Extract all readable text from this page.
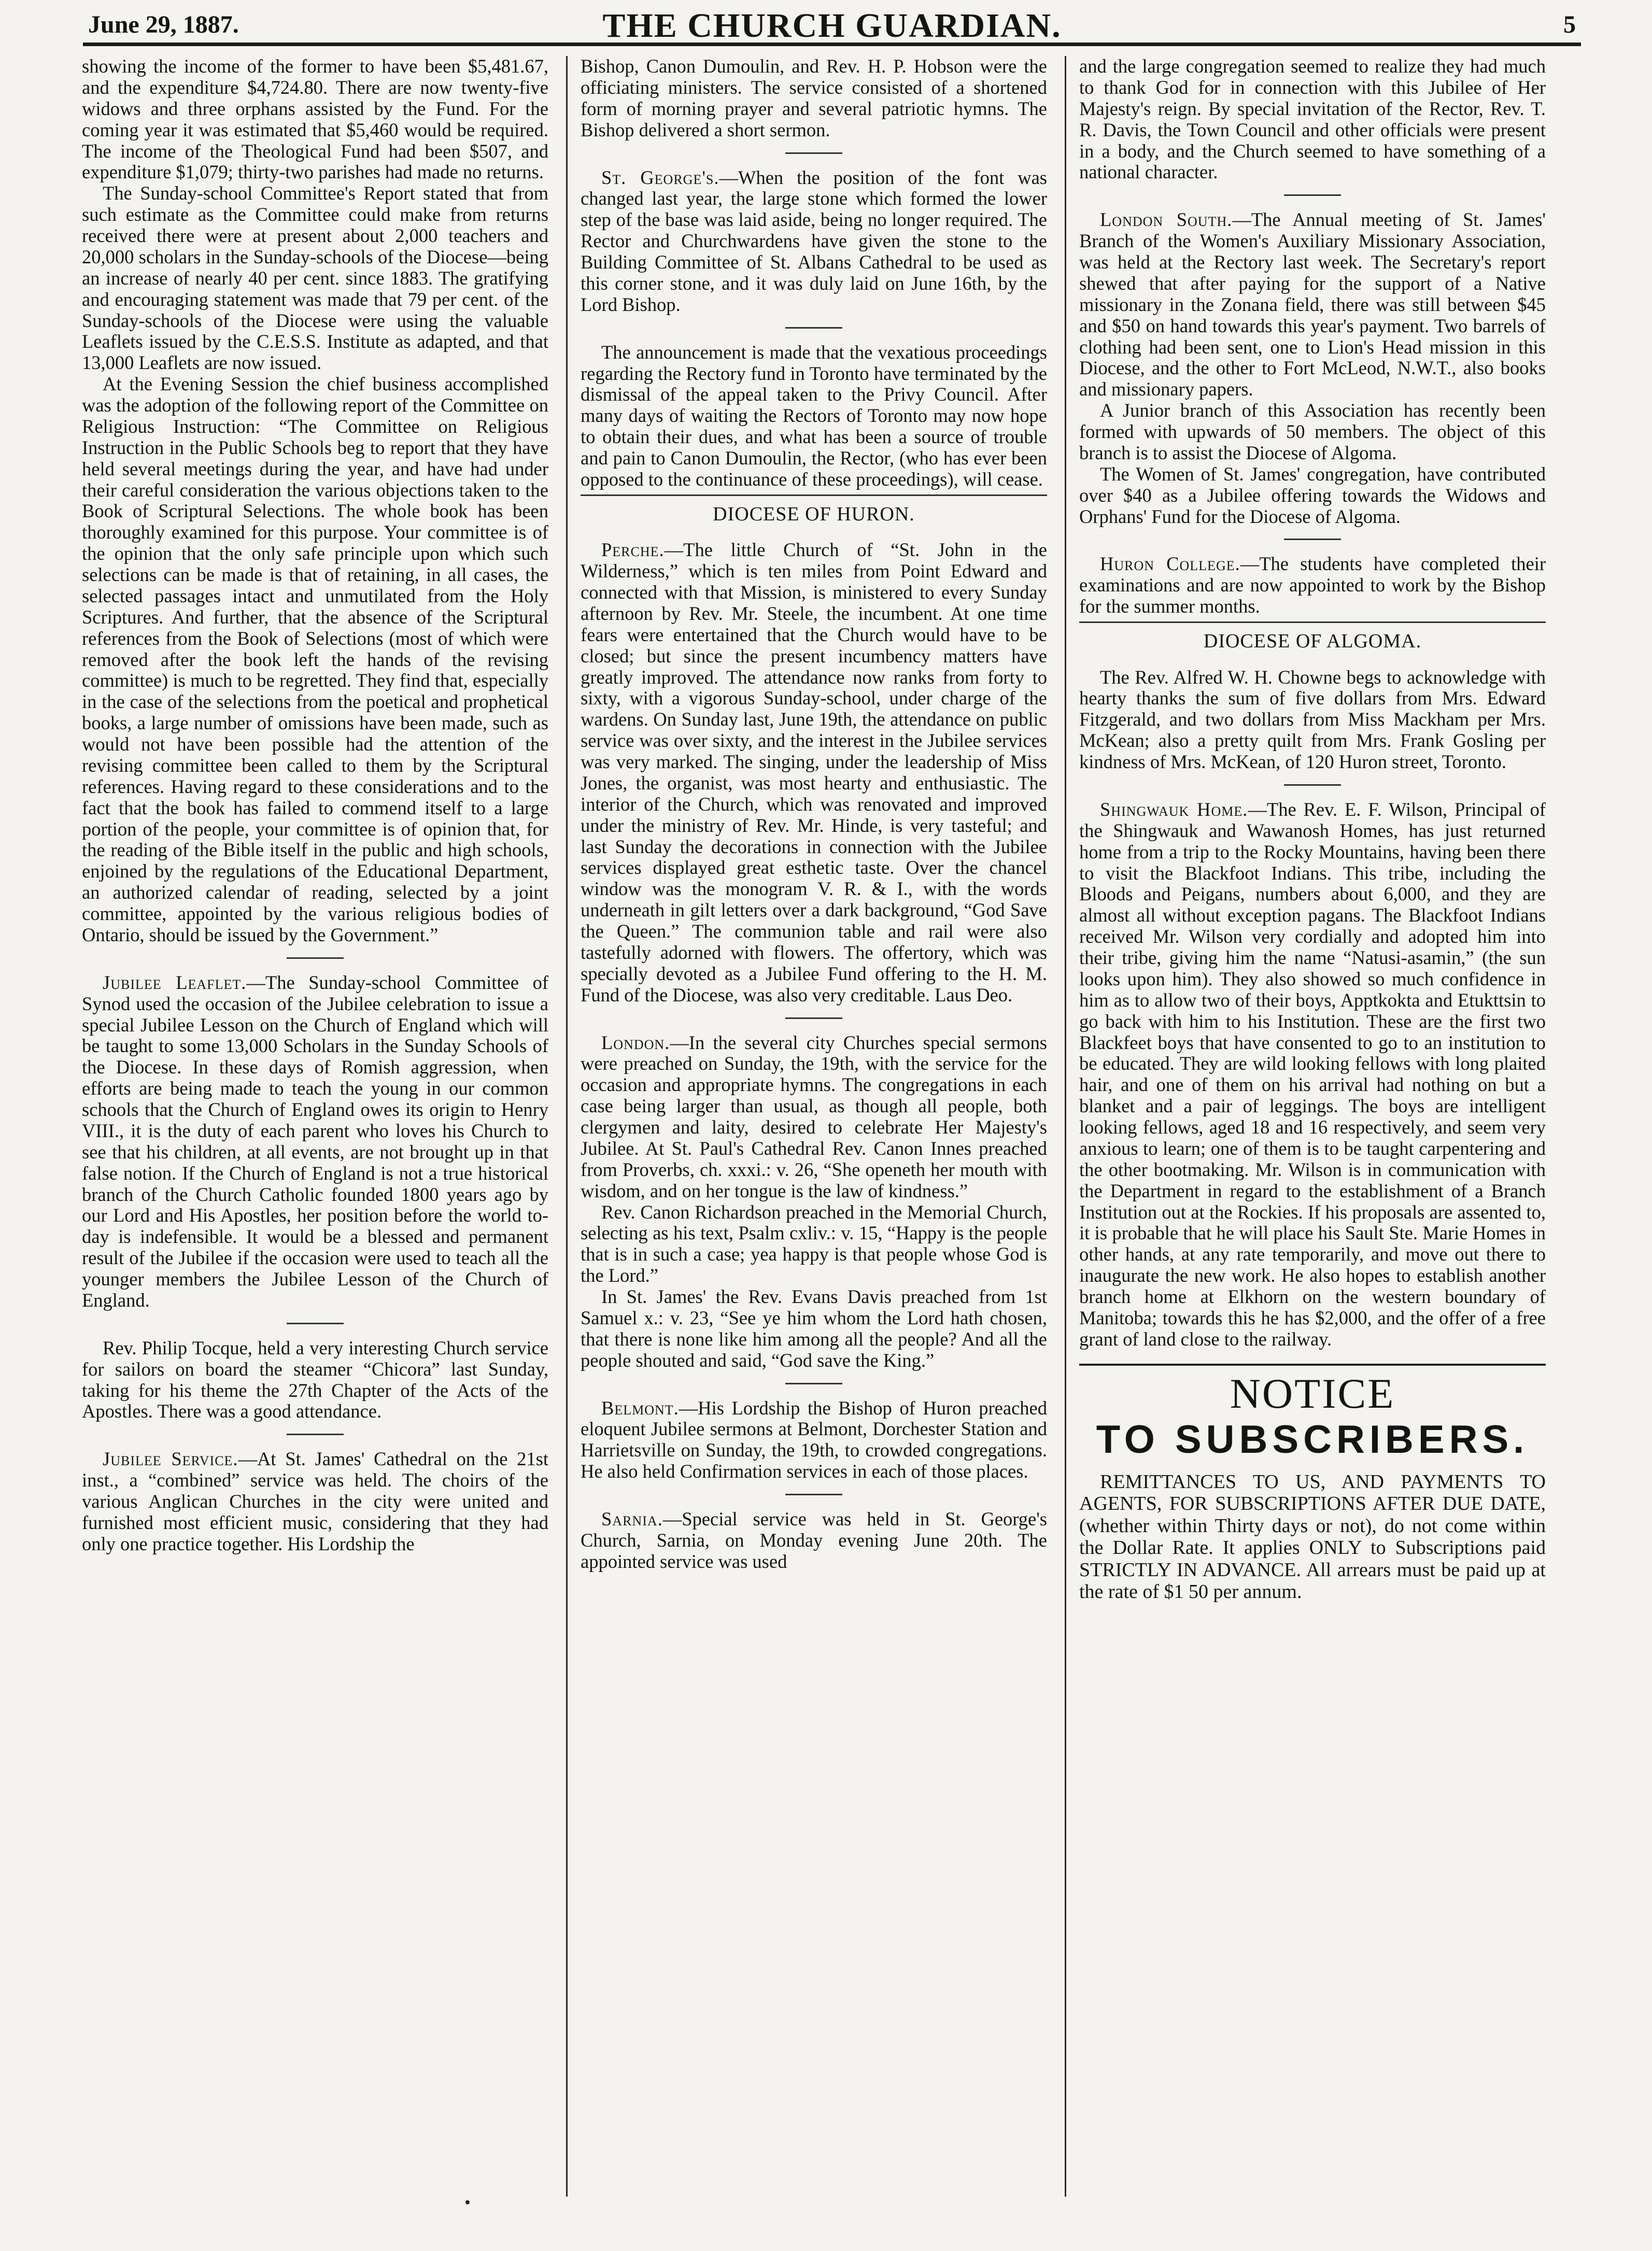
June 29, 1887.	THE CHURCH GUARDIAN.	5

showing the income of the former to have been $5,481.67, and the expenditure $4,724.80. There are now twenty-five widows and three orphans assisted by the Fund. For the coming year it was estimated that $5,460 would be required. The income of the Theological Fund had been $507, and expenditure $1,079; thirty-two parishes had made no returns.

The Sunday-school Committee's Report stated that from such estimate as the Committee could make from returns received there were at present about 2,000 teachers and 20,000 scholars in the Sunday-schools of the Diocese—being an increase of nearly 40 per cent. since 1883. The gratifying and encouraging statement was made that 79 per cent. of the Sunday-schools of the Diocese were using the valuable Leaflets issued by the C.E.S.S. Institute as adapted, and that 13,000 Leaflets are now issued.

At the Evening Session the chief business accomplished was the adoption of the following report of the Committee on Religious Instruction: “The Committee on Religious Instruction in the Public Schools beg to report that they have held several meetings during the year, and have had under their careful consideration the various objections taken to the Book of Scriptural Selections. The whole book has been thoroughly examined for this purpose. Your committee is of the opinion that the only safe principle upon which such selections can be made is that of retaining, in all cases, the selected passages intact and unmutilated from the Holy Scriptures. And further, that the absence of the Scriptural references from the Book of Selections (most of which were removed after the book left the hands of the revising committee) is much to be regretted. They find that, especially in the case of the selections from the poetical and prophetical books, a large number of omissions have been made, such as would not have been possible had the attention of the revising committee been called to them by the Scriptural references. Having regard to these considerations and to the fact that the book has failed to commend itself to a large portion of the people, your committee is of opinion that, for the reading of the Bible itself in the public and high schools, enjoined by the regulations of the Educational Department, an authorized calendar of reading, selected by a joint committee, appointed by the various religious bodies of Ontario, should be issued by the Government.”

Jubilee Leaflet.—The Sunday-school Committee of Synod used the occasion of the Jubilee celebration to issue a special Jubilee Lesson on the Church of England which will be taught to some 13,000 Scholars in the Sunday Schools of the Diocese. In these days of Romish aggression, when efforts are being made to teach the young in our common schools that the Church of England owes its origin to Henry VIII., it is the duty of each parent who loves his Church to see that his children, at all events, are not brought up in that false notion. If the Church of England is not a true historical branch of the Church Catholic founded 1800 years ago by our Lord and His Apostles, her position before the world to-day is indefensible. It would be a blessed and permanent result of the Jubilee if the occasion were used to teach all the younger members the Jubilee Lesson of the Church of England.

Rev. Philip Tocque, held a very interesting Church service for sailors on board the steamer “Chicora” last Sunday, taking for his theme the 27th Chapter of the Acts of the Apostles. There was a good attendance.

Jubilee Service.—At St. James' Cathedral on the 21st inst., a “combined” service was held. The choirs of the various Anglican Churches in the city were united and furnished most efficient music, considering that they had only one practice together. His Lordship the

Bishop, Canon Dumoulin, and Rev. H. P. Hobson were the officiating ministers. The service consisted of a shortened form of morning prayer and several patriotic hymns. The Bishop delivered a short sermon.

St. George's.—When the position of the font was changed last year, the large stone which formed the lower step of the base was laid aside, being no longer required. The Rector and Churchwardens have given the stone to the Building Committee of St. Albans Cathedral to be used as this corner stone, and it was duly laid on June 16th, by the Lord Bishop.

The announcement is made that the vexatious proceedings regarding the Rectory fund in Toronto have terminated by the dismissal of the appeal taken to the Privy Council. After many days of waiting the Rectors of Toronto may now hope to obtain their dues, and what has been a source of trouble and pain to Canon Dumoulin, the Rector, (who has ever been opposed to the continuance of these proceedings), will cease.

DIOCESE OF HURON.

Perche.—The little Church of “St. John in the Wilderness,” which is ten miles from Point Edward and connected with that Mission, is ministered to every Sunday afternoon by Rev. Mr. Steele, the incumbent. At one time fears were entertained that the Church would have to be closed; but since the present incumbency matters have greatly improved. The attendance now ranks from forty to sixty, with a vigorous Sunday-school, under charge of the wardens. On Sunday last, June 19th, the attendance on public service was over sixty, and the interest in the Jubilee services was very marked. The singing, under the leadership of Miss Jones, the organist, was most hearty and enthusiastic. The interior of the Church, which was renovated and improved under the ministry of Rev. Mr. Hinde, is very tasteful; and last Sunday the decorations in connection with the Jubilee services displayed great esthetic taste. Over the chancel window was the monogram V. R. & I., with the words underneath in gilt letters over a dark background, “God Save the Queen.” The communion table and rail were also tastefully adorned with flowers. The offertory, which was specially devoted as a Jubilee Fund offering to the H. M. Fund of the Diocese, was also very creditable. Laus Deo.

London.—In the several city Churches special sermons were preached on Sunday, the 19th, with the service for the occasion and appropriate hymns. The congregations in each case being larger than usual, as though all people, both clergymen and laity, desired to celebrate Her Majesty's Jubilee. At St. Paul's Cathedral Rev. Canon Innes preached from Proverbs, ch. xxxi.: v. 26, “She openeth her mouth with wisdom, and on her tongue is the law of kindness.”

Rev. Canon Richardson preached in the Memorial Church, selecting as his text, Psalm cxliv.: v. 15, “Happy is the people that is in such a case; yea happy is that people whose God is the Lord.”

In St. James' the Rev. Evans Davis preached from 1st Samuel x.: v. 23, “See ye him whom the Lord hath chosen, that there is none like him among all the people? And all the people shouted and said, “God save the King.”

Belmont.—His Lordship the Bishop of Huron preached eloquent Jubilee sermons at Belmont, Dorchester Station and Harrietsville on Sunday, the 19th, to crowded congregations. He also held Confirmation services in each of those places.

Sarnia.—Special service was held in St. George's Church, Sarnia, on Monday evening June 20th. The appointed service was used

and the large congregation seemed to realize they had much to thank God for in connection with this Jubilee of Her Majesty's reign. By special invitation of the Rector, Rev. T. R. Davis, the Town Council and other officials were present in a body, and the Church seemed to have something of a national character.

London South.—The Annual meeting of St. James' Branch of the Women's Auxiliary Missionary Association, was held at the Rectory last week. The Secretary's report shewed that after paying for the support of a Native missionary in the Zonana field, there was still between $45 and $50 on hand towards this year's payment. Two barrels of clothing had been sent, one to Lion's Head mission in this Diocese, and the other to Fort McLeod, N.W.T., also books and missionary papers.

A Junior branch of this Association has recently been formed with upwards of 50 members. The object of this branch is to assist the Diocese of Algoma.

The Women of St. James' congregation, have contributed over $40 as a Jubilee offering towards the Widows and Orphans' Fund for the Diocese of Algoma.

Huron College.—The students have completed their examinations and are now appointed to work by the Bishop for the summer months.

DIOCESE OF ALGOMA.

The Rev. Alfred W. H. Chowne begs to acknowledge with hearty thanks the sum of five dollars from Mrs. Edward Fitzgerald, and two dollars from Miss Mackham per Mrs. McKean; also a pretty quilt from Mrs. Frank Gosling per kindness of Mrs. McKean, of 120 Huron street, Toronto.

Shingwauk Home.—The Rev. E. F. Wilson, Principal of the Shingwauk and Wawanosh Homes, has just returned home from a trip to the Rocky Mountains, having been there to visit the Blackfoot Indians. This tribe, including the Bloods and Peigans, numbers about 6,000, and they are almost all without exception pagans. The Blackfoot Indians received Mr. Wilson very cordially and adopted him into their tribe, giving him the name “Natusi-asamin,” (the sun looks upon him). They also showed so much confidence in him as to allow two of their boys, Apptkokta and Etukttsin to go back with him to his Institution. These are the first two Blackfeet boys that have consented to go to an institution to be educated. They are wild looking fellows with long plaited hair, and one of them on his arrival had nothing on but a blanket and a pair of leggings. The boys are intelligent looking fellows, aged 18 and 16 respectively, and seem very anxious to learn; one of them is to be taught carpentering and the other bootmaking. Mr. Wilson is in communication with the Department in regard to the establishment of a Branch Institution out at the Rockies. If his proposals are assented to, it is probable that he will place his Sault Ste. Marie Homes in other hands, at any rate temporarily, and move out there to inaugurate the new work. He also hopes to establish another branch home at Elkhorn on the western boundary of Manitoba; towards this he has $2,000, and the offer of a free grant of land close to the railway.

NOTICE
TO SUBSCRIBERS.

REMITTANCES TO US, AND PAYMENTS TO AGENTS, FOR SUBSCRIPTIONS AFTER DUE DATE, (whether within Thirty days or not), do not come within the Dollar Rate. It applies ONLY to Subscriptions paid STRICTLY IN ADVANCE. All arrears must be paid up at the rate of $1 50 per annum.
